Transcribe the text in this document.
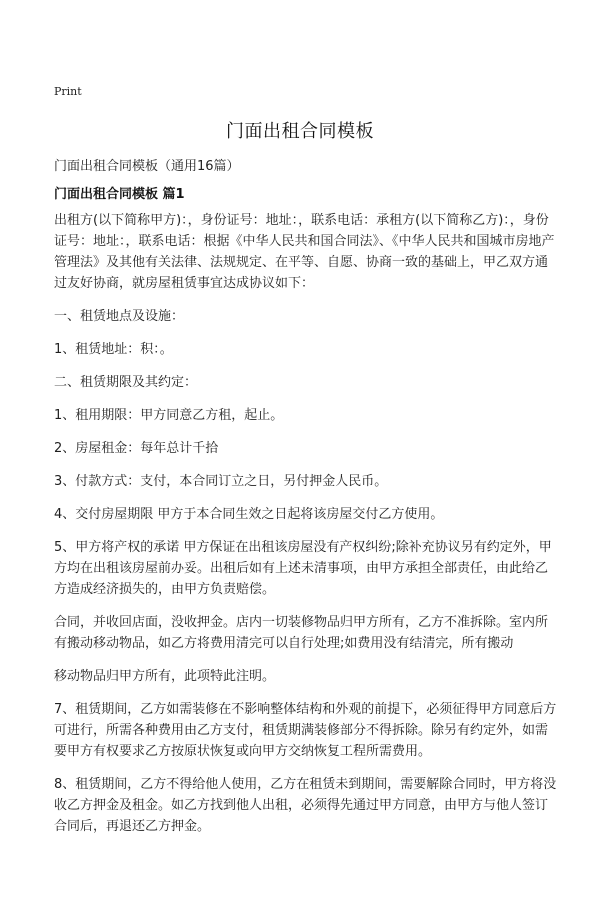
Print
门面出租合同模板
门面出租合同模板（通用16篇）
门面出租合同模板 篇1

出租方(以下简称甲方)：，身份证号：地址：，联系电话：承租方(以下简称乙方)：，身份证号：地址：，联系电话：根据《中华人民共和国合同法》、《中华人民共和国城市房地产管理法》及其他有关法律、法规规定、在平等、自愿、协商一致的基础上，甲乙双方通过友好协商，就房屋租赁事宜达成协议如下：

一、租赁地点及设施：

1、租赁地址：积：。

二、租赁期限及其约定：

1、租用期限：甲方同意乙方租，起止。

2、房屋租金：每年总计千拾

3、付款方式：支付，本合同订立之日，另付押金人民币。

4、交付房屋期限 甲方于本合同生效之日起将该房屋交付乙方使用。

5、甲方将产权的承诺 甲方保证在出租该房屋没有产权纠纷;除补充协议另有约定外，甲方均在出租该房屋前办妥。出租后如有上述未清事项，由甲方承担全部责任，由此给乙方造成经济损失的，由甲方负责赔偿。

合同，并收回店面，没收押金。店内一切装修物品归甲方所有，乙方不准拆除。室内所有搬动移动物品，如乙方将费用清完可以自行处理;如费用没有结清完，所有搬动

移动物品归甲方所有，此项特此注明。

7、租赁期间，乙方如需装修在不影响整体结构和外观的前提下，必须征得甲方同意后方可进行，所需各种费用由乙方支付，租赁期满装修部分不得拆除。除另有约定外，如需要甲方有权要求乙方按原状恢复或向甲方交纳恢复工程所需费用。

8、租赁期间，乙方不得给他人使用，乙方在租赁未到期间，需要解除合同时，甲方将没收乙方押金及租金。如乙方找到他人出租，必须得先通过甲方同意，由甲方与他人签订合同后，再退还乙方押金。
